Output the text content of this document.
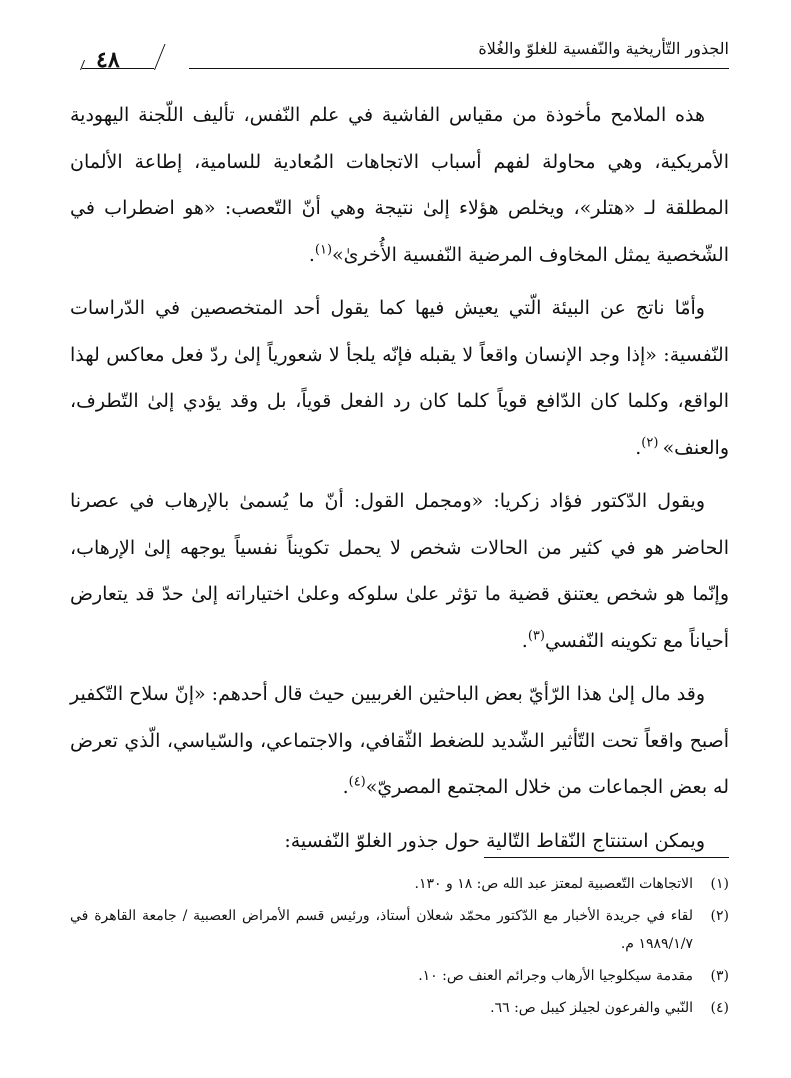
الجذور التّأريخية والنّفسية للغلوّ والغُلاة
٤٨

هذه الملامح مأخوذة من مقياس الفاشية في علم النّفس، تأليف اللّجنة اليهودية الأمريكية، وهي محاولة لفهم أسباب الاتجاهات المُعادية للسامية، إطاعة الألمان المطلقة لـ «هتلر»، ويخلص هؤلاء إلىٰ نتيجة وهي أنّ التّعصب: «هو اضطراب في الشّخصية يمثل المخاوف المرضية النّفسية الأُخرىٰ»$^{(١)}$.

وأمّا ناتج عن البيئة الّتي يعيش فيها كما يقول أحد المتخصصين في الدّراسات النّفسية: «إذا وجد الإنسان واقعاً لا يقبله فإنّه يلجأ لا شعورياً إلىٰ ردّ فعل معاكس لهذا الواقع، وكلما كان الدّافع قوياً كلما كان رد الفعل قوياً، بل وقد يؤدي إلىٰ التّطرف، والعنف» $^{(٢)}$.

ويقول الدّكتور فؤاد زكريا: «ومجمل القول: أنّ ما يُسمىٰ بالإرهاب في عصرنا الحاضر هو في كثير من الحالات شخص لا يحمل تكويناً نفسياً يوجهه إلىٰ الإرهاب، وإنّما هو شخص يعتنق قضية ما تؤثر علىٰ سلوكه وعلىٰ اختياراته إلىٰ حدّ قد يتعارض أحياناً مع تكوينه النّفسي$^{(٣)}$.

وقد مال إلىٰ هذا الرّأيّ بعض الباحثين الغربيين حيث قال أحدهم: «إنّ سلاح التّكفير أصبح واقعاً تحت التّأثير الشّديد للضغط الثّقافي، والاجتماعي، والسّياسي، الّذي تعرض له بعض الجماعات من خلال المجتمع المصريّ»$^{(٤)}$.

ويمكن استنتاج النّقاط التّالية حول جذور الغلوّ النّفسية:

(١)
الاتجاهات التّعصبية لمعتز عبد الله ص: ١٨ و ١٣٠.
(٢)
لقاء في جريدة الأخبار مع الدّكتور محمّد شعلان أستاذ، ورئيس قسم الأمراض العصبية / جامعة القاهرة في ١٩٨٩/١/٧ م.
(٣)
مقدمة سيكلوجيا الأرهاب وجرائم العنف ص: ١٠.
(٤)
النّبي والفرعون لجيلز كيبل ص: ٦٦.
